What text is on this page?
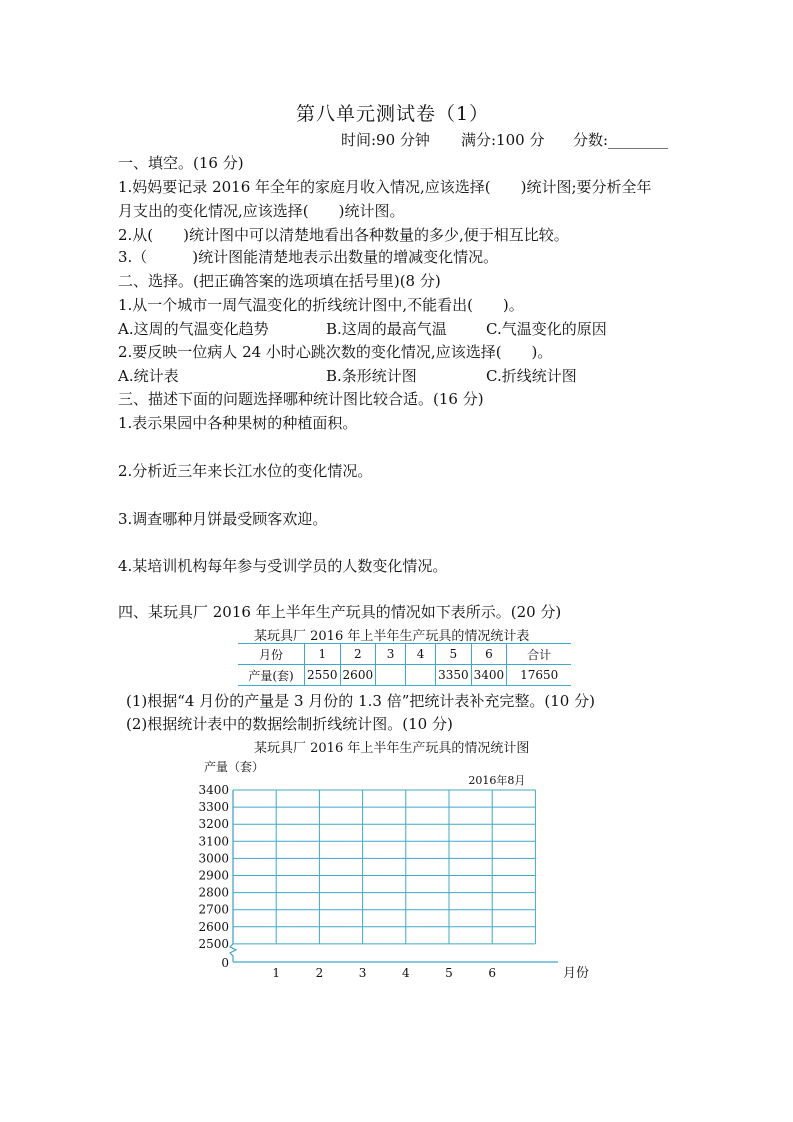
第八单元测试卷（1）
时间:90 分钟 满分:100 分 分数:________
一、填空。(16 分)
1.妈妈要记录 2016 年全年的家庭月收入情况,应该选择(　　)统计图;要分析全年
月支出的变化情况,应该选择(　　)统计图。
2.从(　　)统计图中可以清楚地看出各种数量的多少,便于相互比较。
3.（　　　)统计图能清楚地表示出数量的增减变化情况。
二、选择。(把正确答案的选项填在括号里)(8 分)
1.从一个城市一周气温变化的折线统计图中,不能看出(　　)。
A.这周的气温变化趋势	B.这周的最高气温	C.气温变化的原因
2.要反映一位病人 24 小时心跳次数的变化情况,应该选择(　　)。
A.统计表	B.条形统计图	C.折线统计图
三、描述下面的问题选择哪种统计图比较合适。(16 分)
1.表示果园中各种果树的种植面积。
2.分析近三年来长江水位的变化情况。
3.调查哪种月饼最受顾客欢迎。
4.某培训机构每年参与受训学员的人数变化情况。
四、某玩具厂 2016 年上半年生产玩具的情况如下表所示。(20 分)
某玩具厂 2016 年上半年生产玩具的情况统计表
月份	1	2	3	4	5	6	合计
产量(套)	2550	2600			3350	3400	17650
(1)根据“4 月份的产量是 3 月份的 1.3 倍”把统计表补充完整。(10 分)
(2)根据统计表中的数据绘制折线统计图。(10 分)
某玩具厂 2016 年上半年生产玩具的情况统计图
产量（套）
2016年8月
3400
3300
3200
3100
3000
2900
2800
2700
2600
2500
0
1	2	3	4	5	6	月份
